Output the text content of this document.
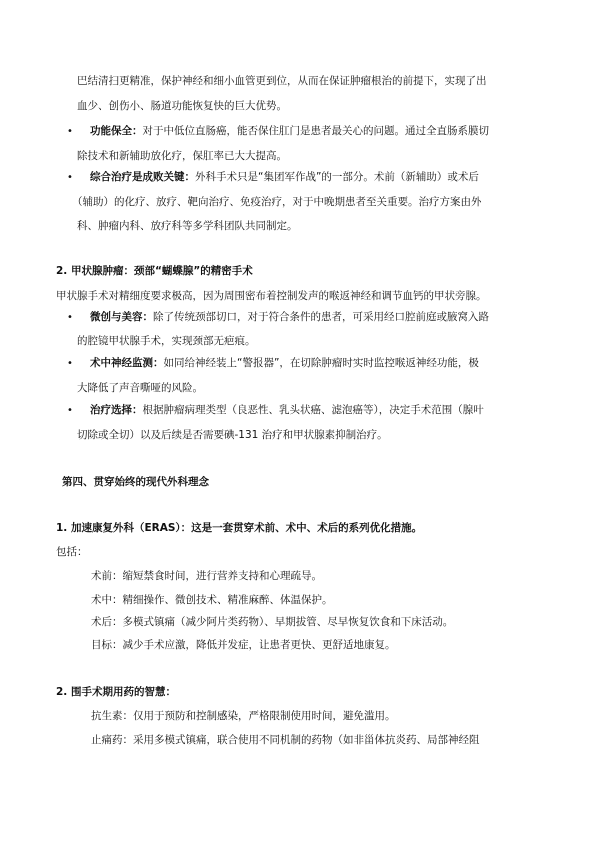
巴结清扫更精准，保护神经和细小血管更到位，从而在保证肿瘤根治的前提下，实现了出
血少、创伤小、肠道功能恢复快的巨大优势。
• 功能保全：对于中低位直肠癌，能否保住肛门是患者最关心的问题。通过全直肠系膜切
除技术和新辅助放化疗，保肛率已大大提高。
• 综合治疗是成败关键：外科手术只是“集团军作战”的一部分。术前（新辅助）或术后
（辅助）的化疗、放疗、靶向治疗、免疫治疗，对于中晚期患者至关重要。治疗方案由外
科、肿瘤内科、放疗科等多学科团队共同制定。
2. 甲状腺肿瘤：颈部“蝴蝶腺”的精密手术
甲状腺手术对精细度要求极高，因为周围密布着控制发声的喉返神经和调节血钙的甲状旁腺。
• 微创与美容：除了传统颈部切口，对于符合条件的患者，可采用经口腔前庭或腋窝入路
的腔镜甲状腺手术，实现颈部无疤痕。
• 术中神经监测：如同给神经装上“警报器”，在切除肿瘤时实时监控喉返神经功能，极
大降低了声音嘶哑的风险。
• 治疗选择：根据肿瘤病理类型（良恶性、乳头状癌、滤泡癌等），决定手术范围（腺叶
切除或全切）以及后续是否需要碘-131 治疗和甲状腺素抑制治疗。
第四、贯穿始终的现代外科理念
1. 加速康复外科（ERAS）：这是一套贯穿术前、术中、术后的系列优化措施。
包括：
术前：缩短禁食时间，进行营养支持和心理疏导。
术中：精细操作、微创技术、精准麻醉、体温保护。
术后：多模式镇痛（减少阿片类药物）、早期拔管、尽早恢复饮食和下床活动。
目标：减少手术应激，降低并发症，让患者更快、更舒适地康复。
2. 围手术期用药的智慧：
抗生素：仅用于预防和控制感染，严格限制使用时间，避免滥用。
止痛药：采用多模式镇痛，联合使用不同机制的药物（如非甾体抗炎药、局部神经阻
